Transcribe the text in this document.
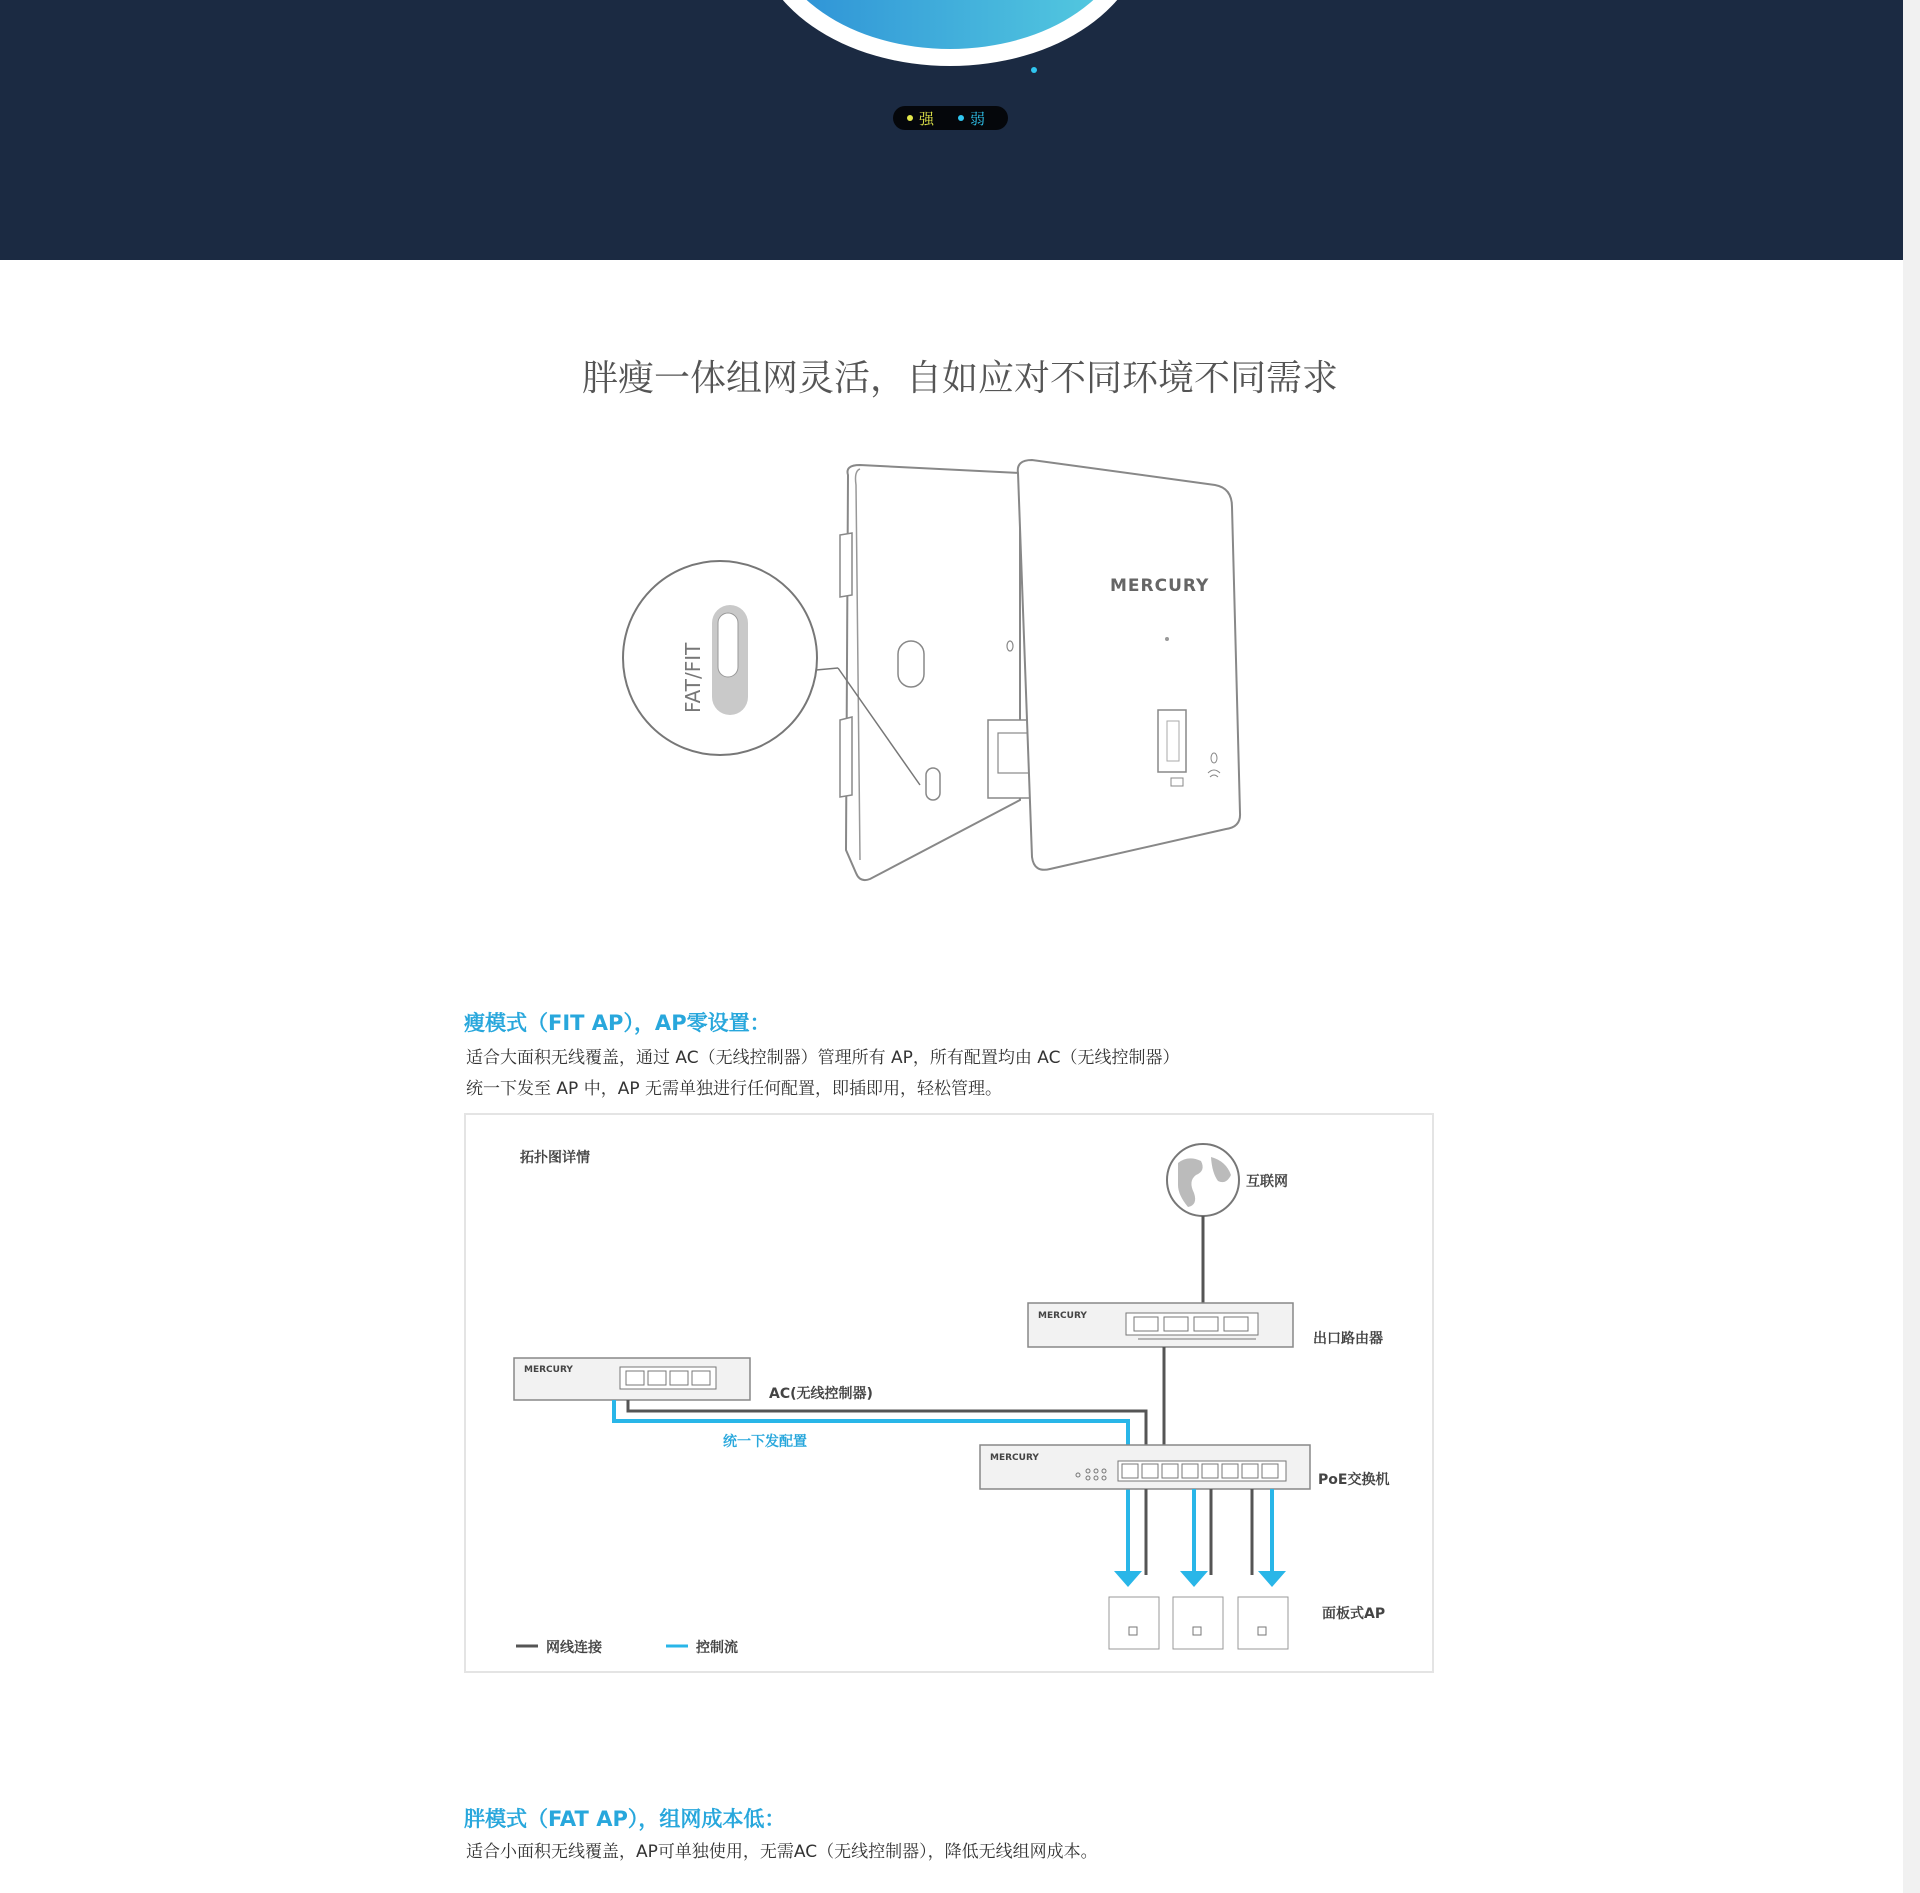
强 弱
胖瘦一体组网灵活，自如应对不同环境不同需求
FAT/FIT
MERCURY
瘦模式（FIT AP），AP零设置：
适合大面积无线覆盖，通过 AC（无线控制器）管理所有 AP，所有配置均由 AC（无线控制器）
统一下发至 AP 中，AP 无需单独进行任何配置，即插即用，轻松管理。
MERCURY
MERCURY
MERCURY
拓扑图详情
互联网
出口路由器
AC(无线控制器)
统一下发配置
PoE交换机
面板式AP
网线连接	控制流
胖模式（FAT AP），组网成本低：
适合小面积无线覆盖，AP可单独使用，无需AC（无线控制器），降低无线组网成本。
